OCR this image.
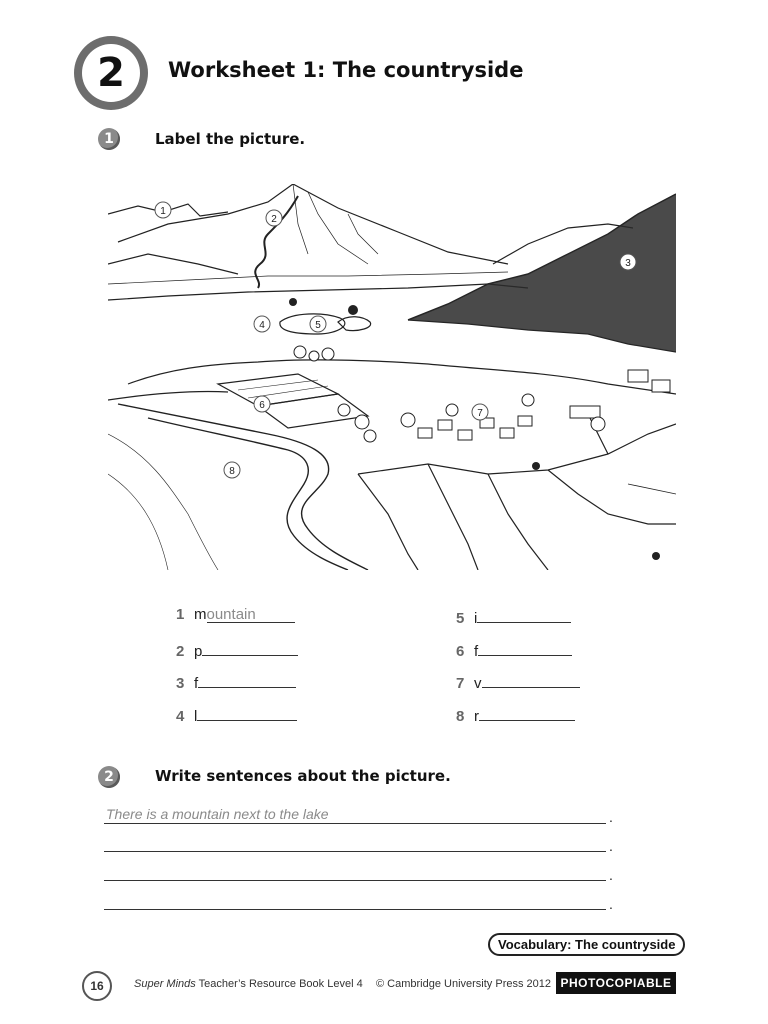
2	Worksheet 1: The countryside
1	Label the picture.
1
2
3
4	5
6
7
8
1 mountain
2 p
3 f
4 l
5 i
6 f
7 v
8 r
2	Write sentences about the picture.
There is a mountain next to the lake	.
.
.
.
Vocabulary: The countryside
16	Super Minds Teacher’s Resource Book Level 4 © Cambridge University Press 2012 PHOTOCOPIABLE
